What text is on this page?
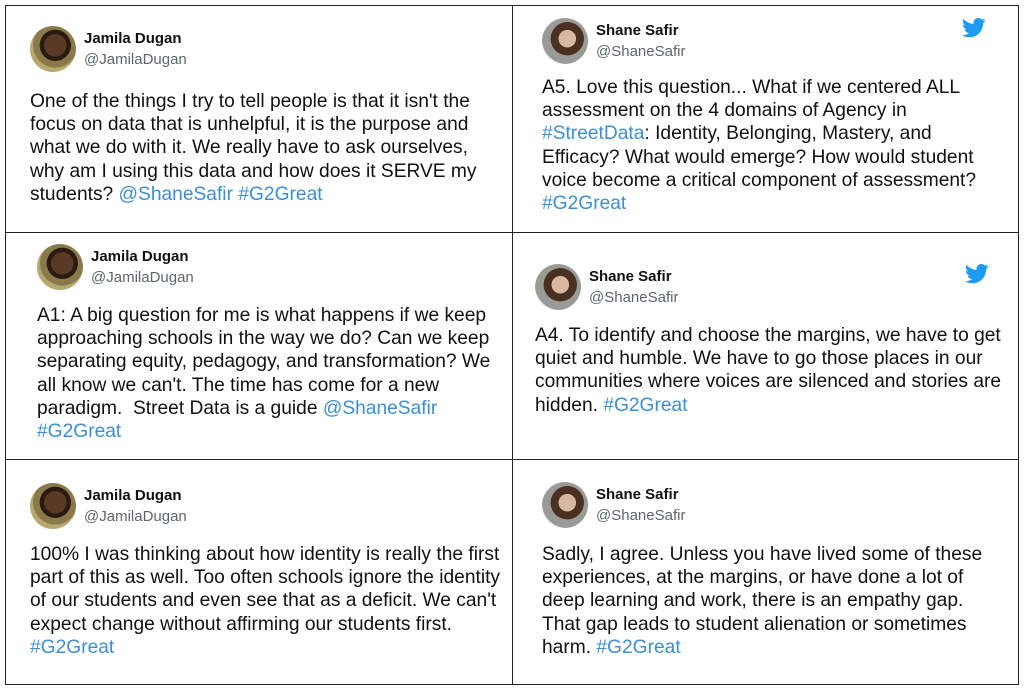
Jamila Dugan
@JamilaDugan
One of the things I try to tell people is that it isn't the focus on data that is unhelpful, it is the purpose and what we do with it. We really have to ask ourselves, why am I using this data and how does it SERVE my students? @ShaneSafir #G2Great
Shane Safir
@ShaneSafir
A5. Love this question... What if we centered ALL assessment on the 4 domains of Agency in #StreetData: Identity, Belonging, Mastery, and Efficacy? What would emerge? How would student voice become a critical component of assessment? #G2Great
Jamila Dugan
@JamilaDugan
A1: A big question for me is what happens if we keep approaching schools in the way we do? Can we keep separating equity, pedagogy, and transformation? We all know we can't. The time has come for a new paradigm.  Street Data is a guide @ShaneSafir #G2Great
Shane Safir
@ShaneSafir
A4. To identify and choose the margins, we have to get quiet and humble. We have to go those places in our communities where voices are silenced and stories are hidden. #G2Great
Jamila Dugan
@JamilaDugan
100% I was thinking about how identity is really the first part of this as well. Too often schools ignore the identity of our students and even see that as a deficit. We can't expect change without affirming our students first. #G2Great
Shane Safir
@ShaneSafir
Sadly, I agree. Unless you have lived some of these experiences, at the margins, or have done a lot of deep learning and work, there is an empathy gap. That gap leads to student alienation or sometimes harm. #G2Great
